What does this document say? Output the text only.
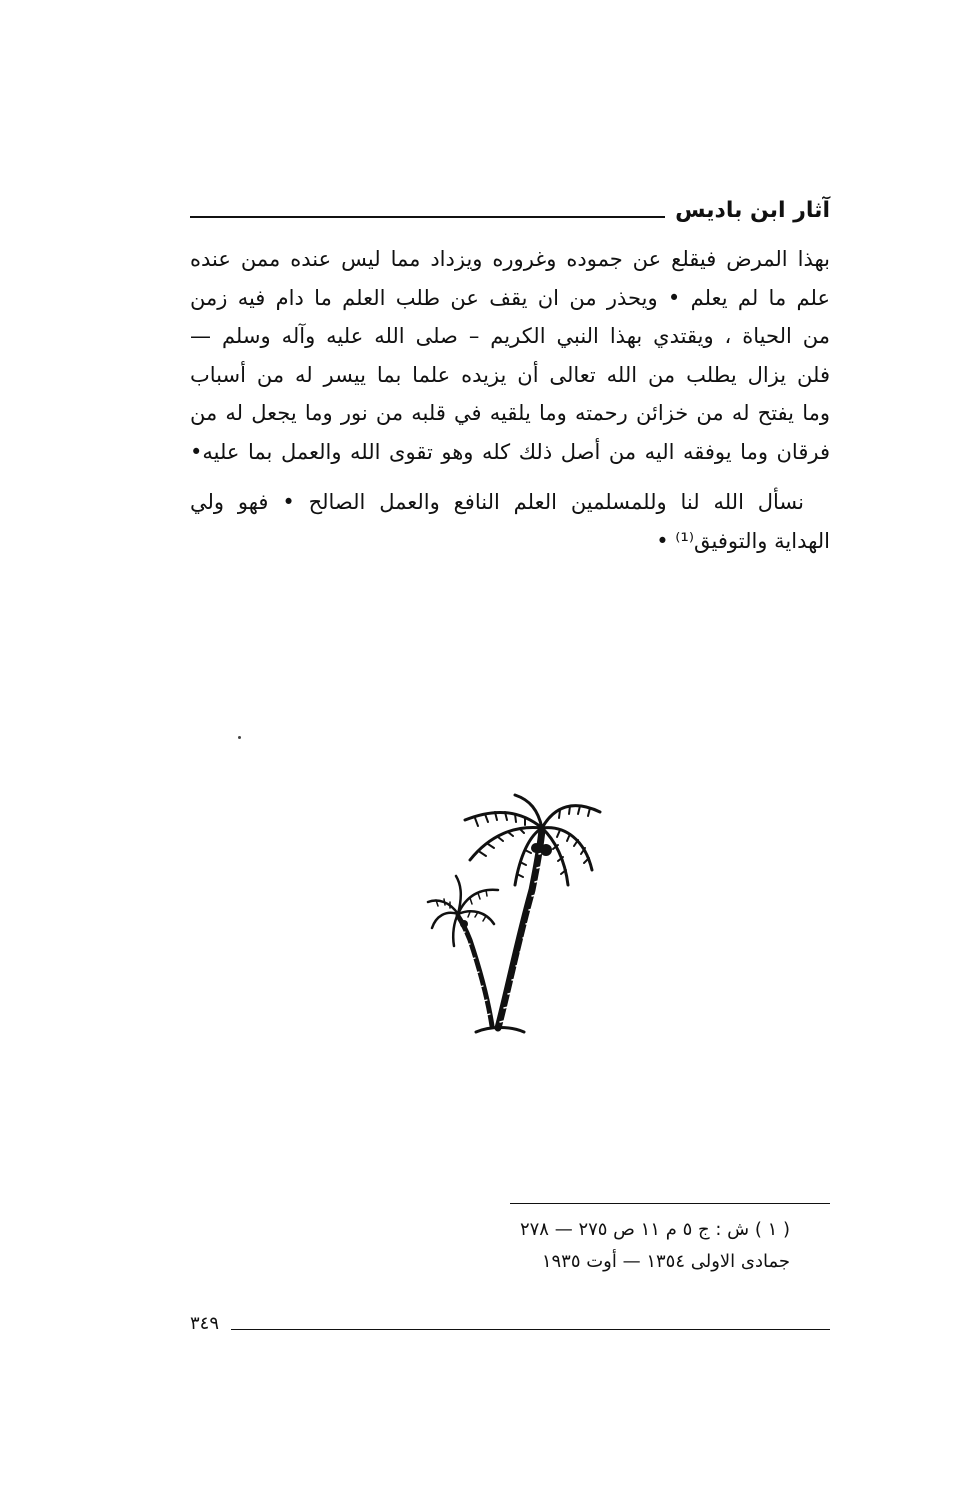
آثار ابن باديس
بهذا المرض فيقلع عن جموده وغروره ويزداد مما ليس عنده ممن عنده
علم ما لم يعلم • ويحذر من ان يقف عن طلب العلم ما دام فيه زمن
من الحياة ، ويقتدي بهذا النبي الكريم – صلى الله عليه وآله وسلم —
فلن يزال يطلب من الله تعالى أن يزيده علما بما ييسر له من أسباب
وما يفتح له من خزائن رحمته وما يلقيه في قلبه من نور وما يجعل له من
فرقان وما يوفقه اليه من أصل ذلك كله وهو تقوى الله والعمل بما عليه•
نسأل الله لنا وللمسلمين العلم النافع والعمل الصالح • فهو ولي
الهداية والتوفيق⁽¹⁾ •
( ١ ) ش : ج ٥ م ١١ ص ٢٧٥ — ٢٧٨
جمادى الاولى ١٣٥٤ — أوت ١٩٣٥
٣٤٩
